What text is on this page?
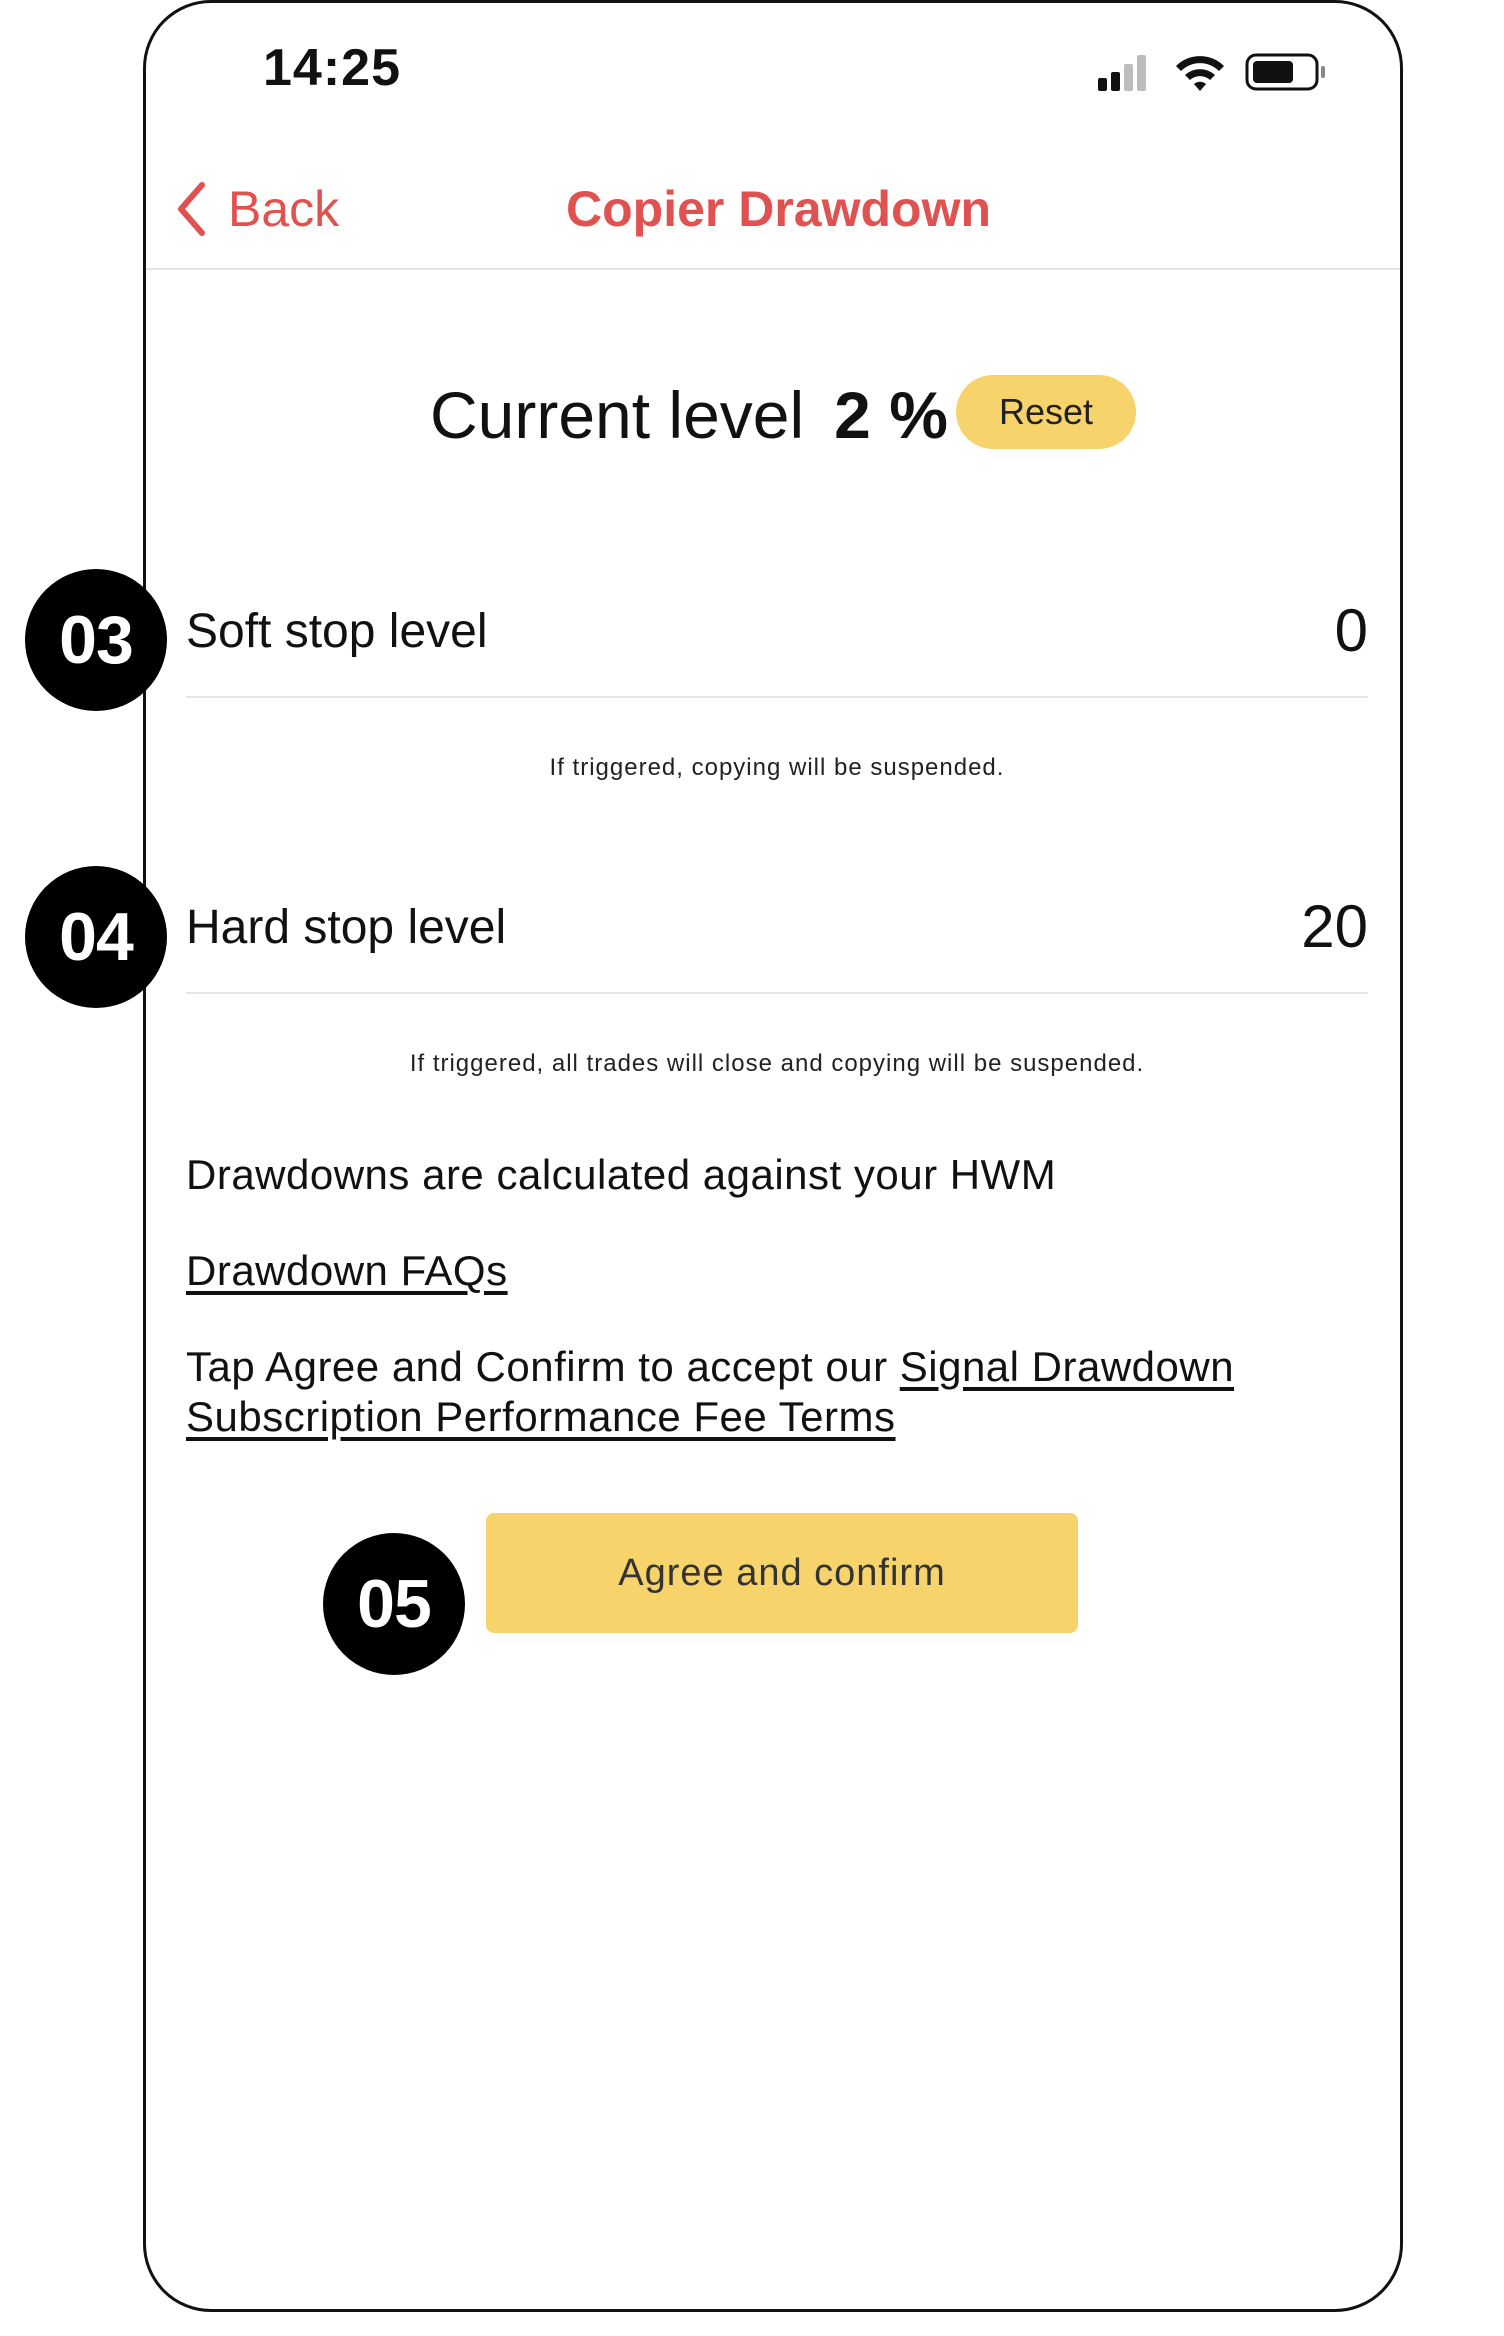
14:25
Back	Copier Drawdown
Current level 2 %	Reset
03	Soft stop level	0
If triggered, copying will be suspended.
04	Hard stop level	20
If triggered, all trades will close and copying will be suspended.
Drawdowns are calculated against your HWM
Drawdown FAQs
Tap Agree and Confirm to accept our Signal Drawdown Subscription Performance Fee Terms
05	Agree and confirm
